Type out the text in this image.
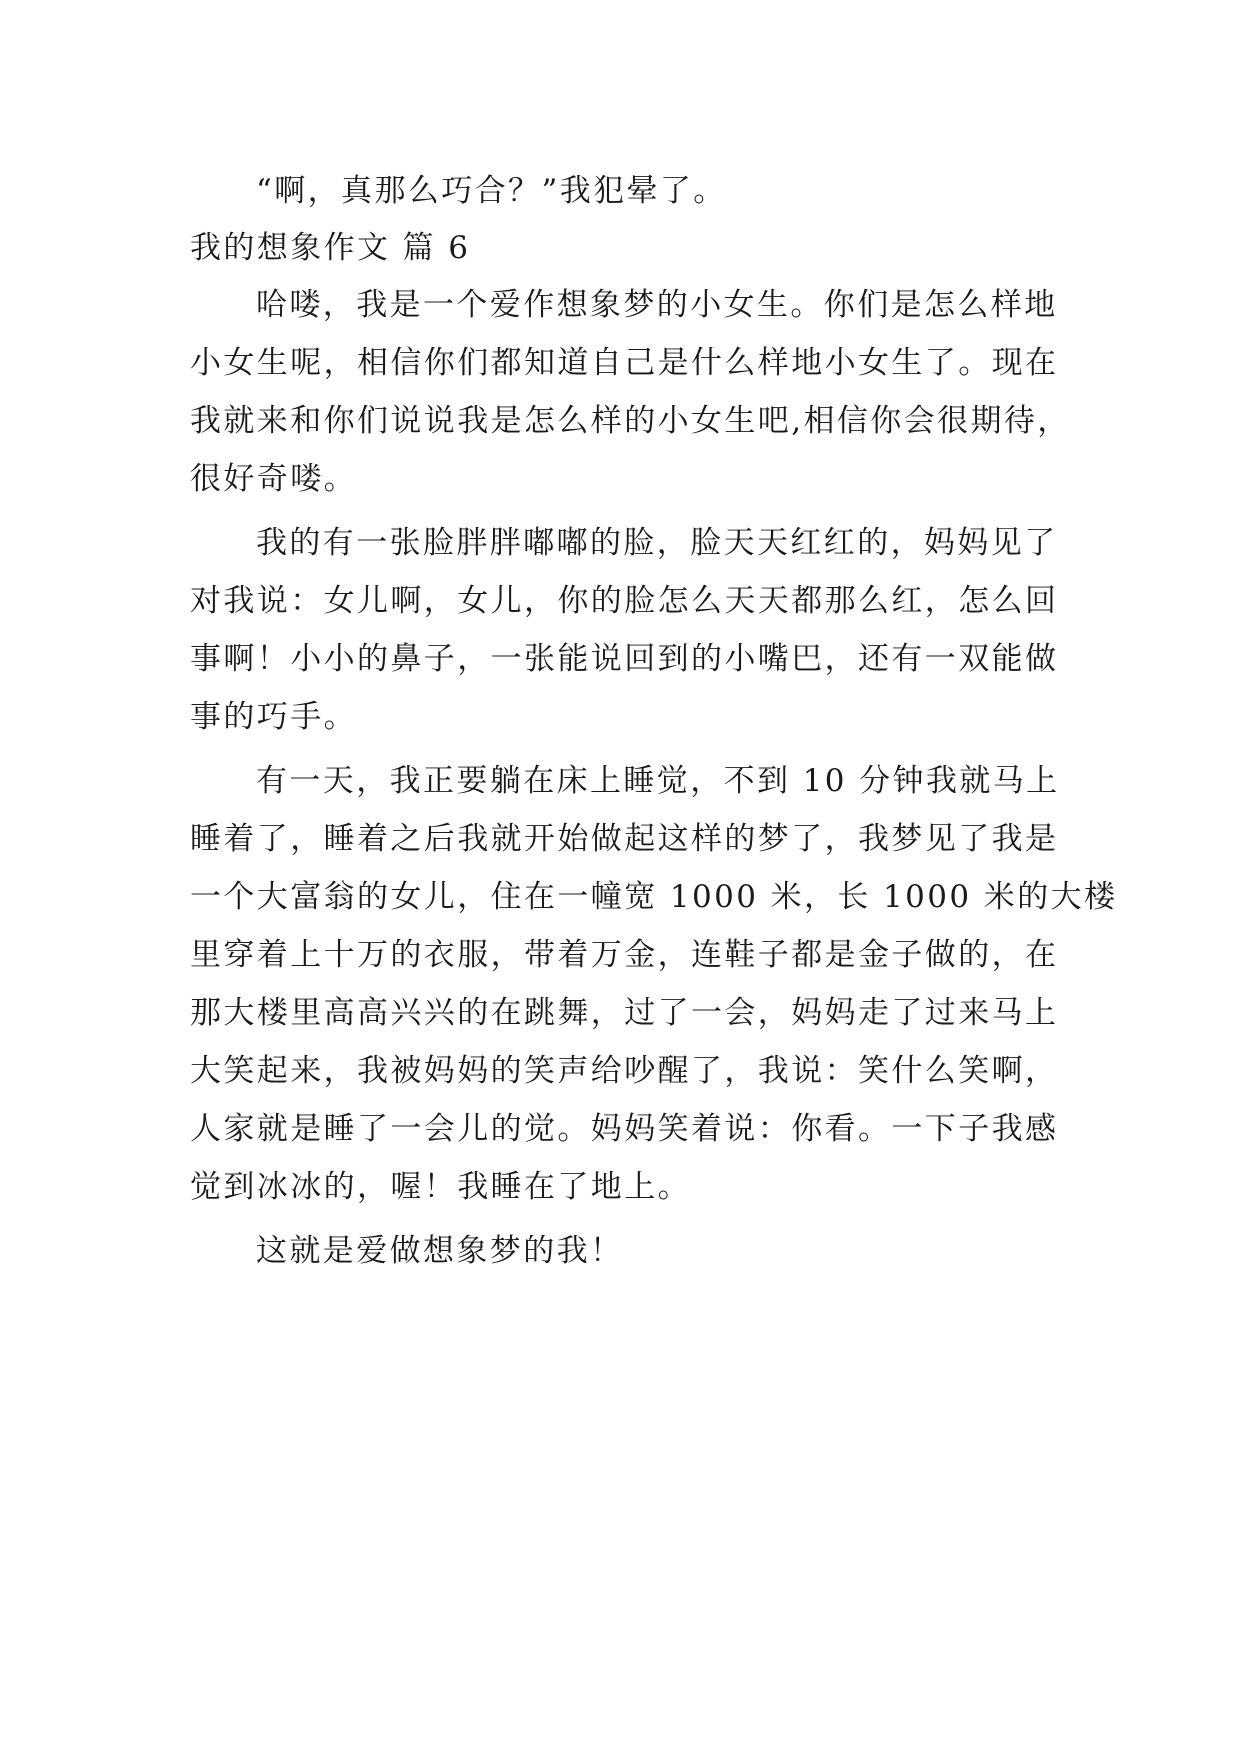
“啊，真那么巧合？”我犯晕了。
我的想象作文 篇 6
哈喽，我是一个爱作想象梦的小女生。你们是怎么样地
小女生呢，相信你们都知道自己是什么样地小女生了。现在
我就来和你们说说我是怎么样的小女生吧,相信你会很期待，
很好奇喽。
我的有一张脸胖胖嘟嘟的脸，脸天天红红的，妈妈见了
对我说：女儿啊，女儿，你的脸怎么天天都那么红，怎么回
事啊！小小的鼻子，一张能说回到的小嘴巴，还有一双能做
事的巧手。
有一天，我正要躺在床上睡觉，不到 10 分钟我就马上
睡着了，睡着之后我就开始做起这样的梦了，我梦见了我是
一个大富翁的女儿，住在一幢宽 1000 米，长 1000 米的大楼
里穿着上十万的衣服，带着万金，连鞋子都是金子做的，在
那大楼里高高兴兴的在跳舞，过了一会，妈妈走了过来马上
大笑起来，我被妈妈的笑声给吵醒了，我说：笑什么笑啊，
人家就是睡了一会儿的觉。妈妈笑着说：你看。一下子我感
觉到冰冰的，喔！我睡在了地上。
这就是爱做想象梦的我！
